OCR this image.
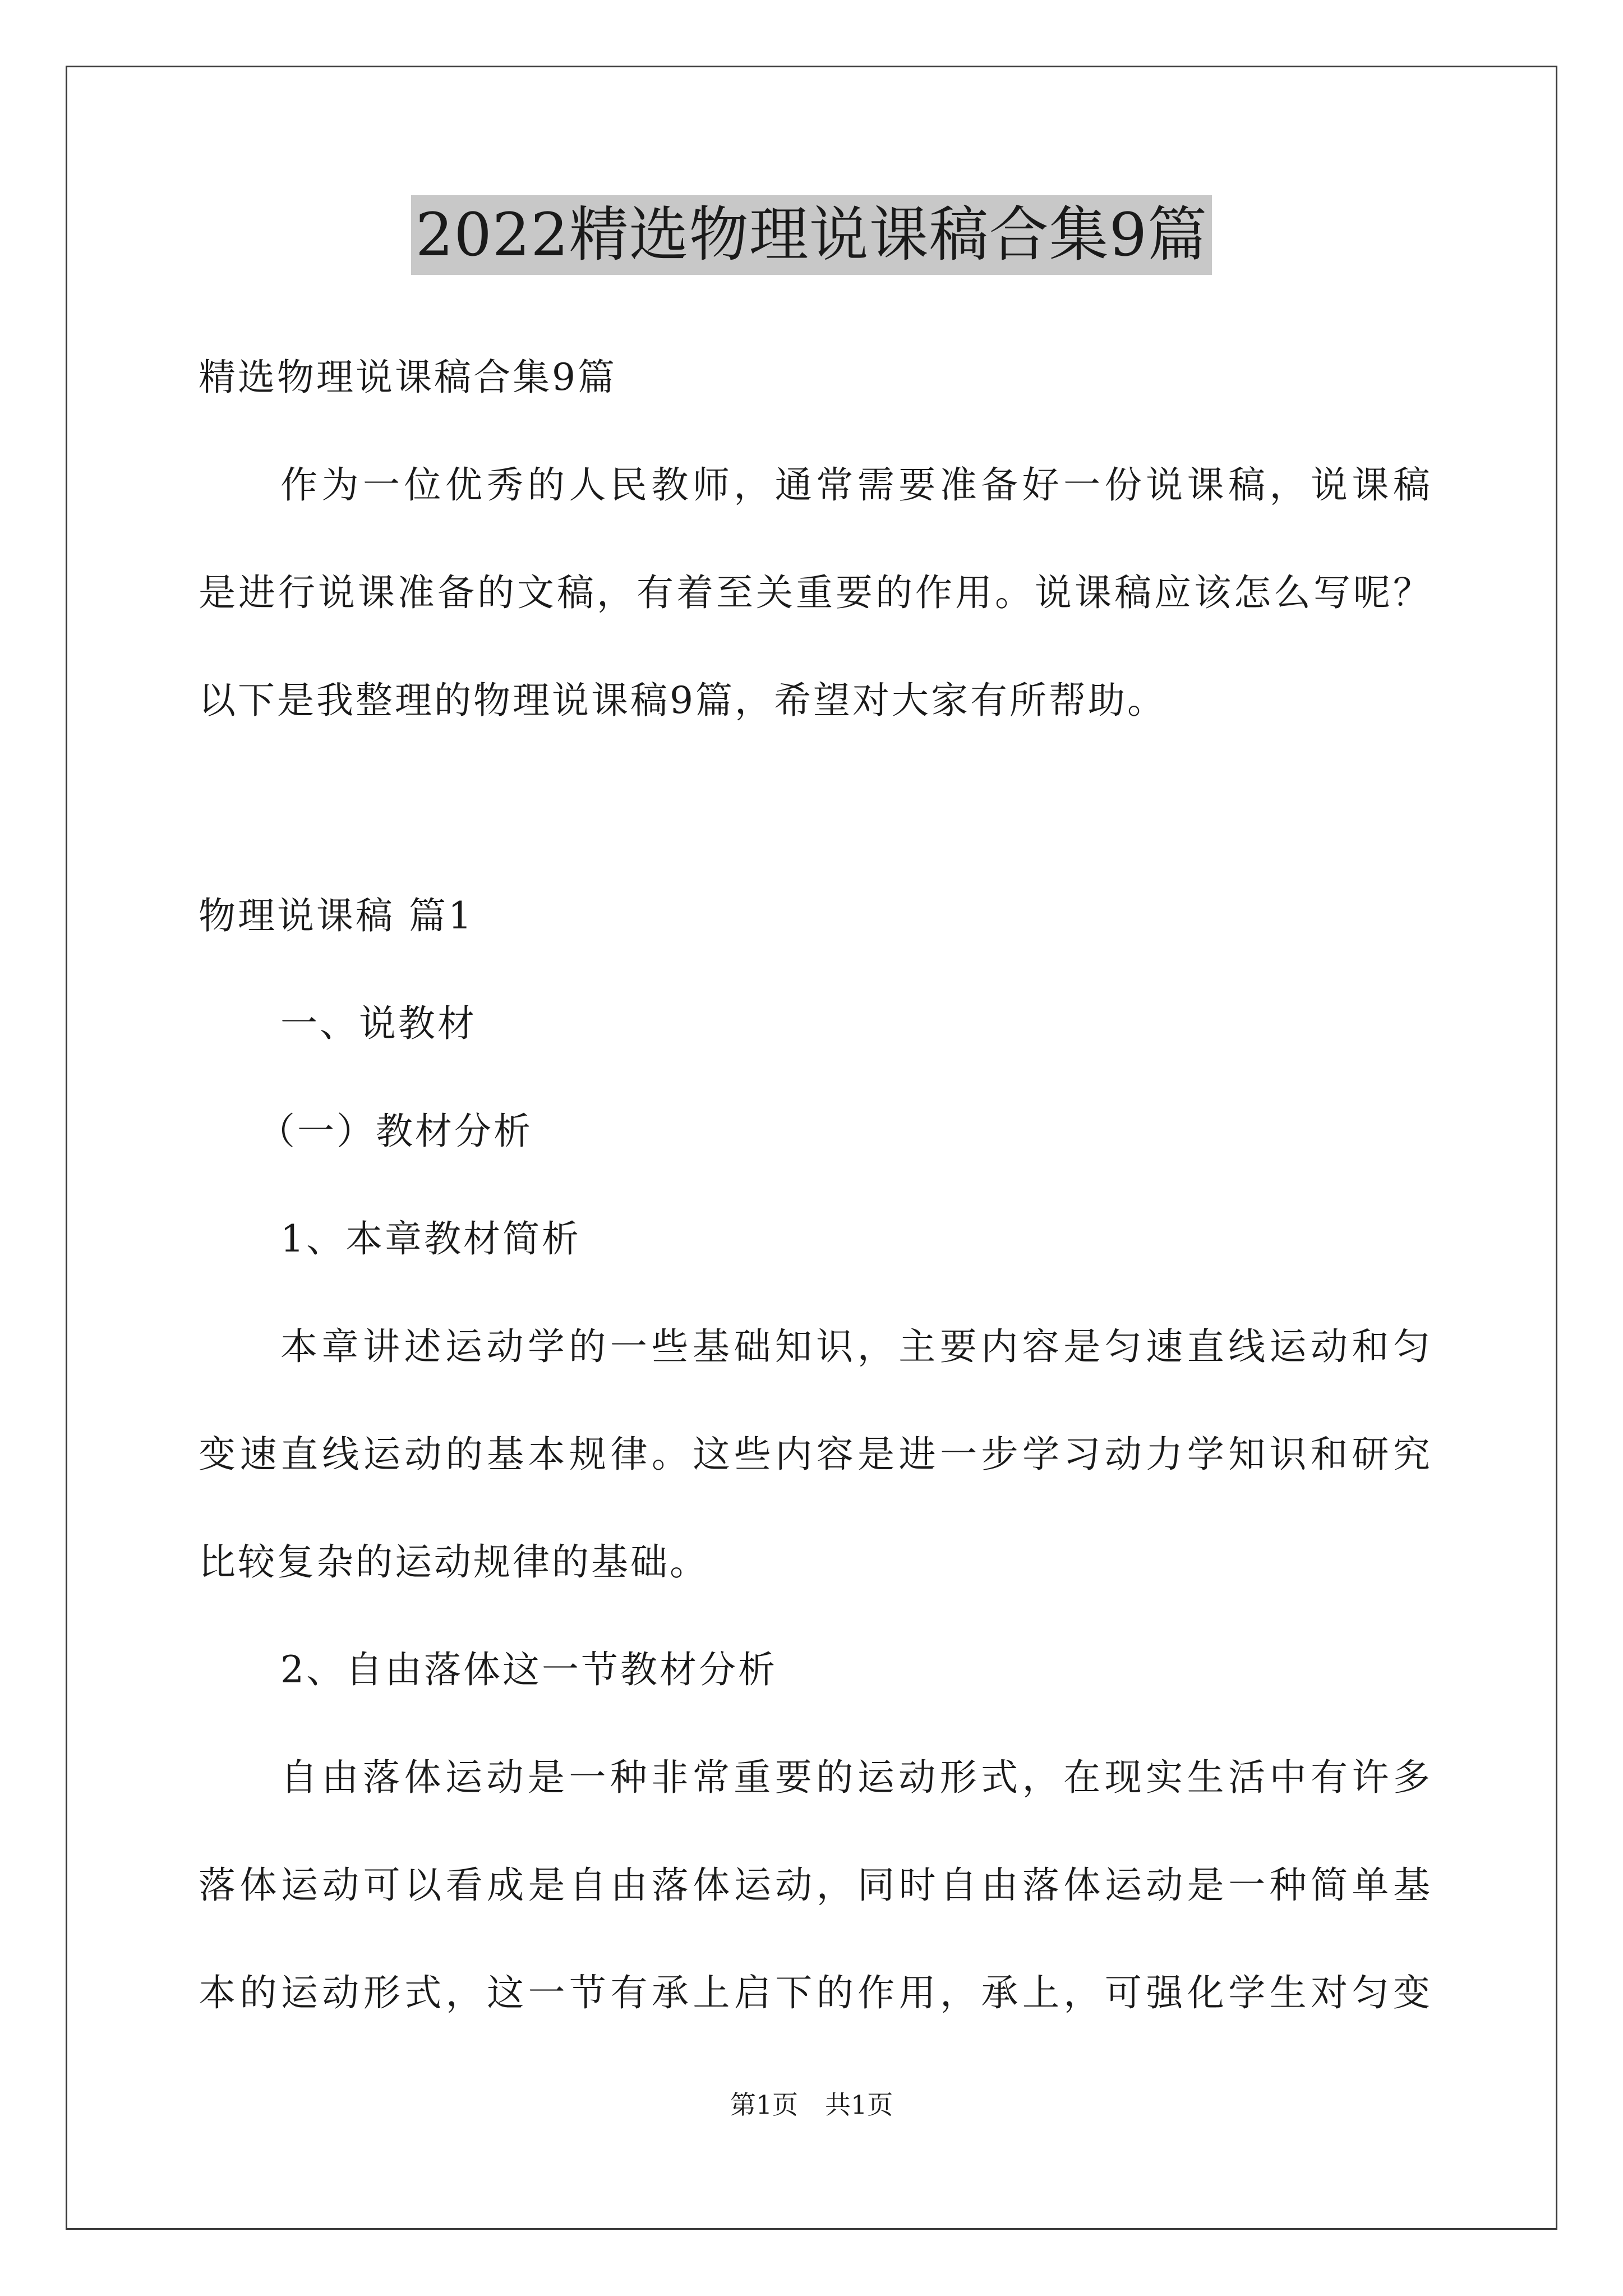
2022精选物理说课稿合集9篇
精选物理说课稿合集9篇
作为一位优秀的人民教师，通常需要准备好一份说课稿，说课稿
是进行说课准备的文稿，有着至关重要的作用。说课稿应该怎么写呢？
以下是我整理的物理说课稿9篇，希望对大家有所帮助。
物理说课稿 篇1
一、说教材
（一）教材分析
1、本章教材简析
本章讲述运动学的一些基础知识，主要内容是匀速直线运动和匀
变速直线运动的基本规律。这些内容是进一步学习动力学知识和研究
比较复杂的运动规律的基础。
2、自由落体这一节教材分析
自由落体运动是一种非常重要的运动形式，在现实生活中有许多
落体运动可以看成是自由落体运动，同时自由落体运动是一种简单基
本的运动形式，这一节有承上启下的作用，承上，可强化学生对匀变
第1页 共1页
